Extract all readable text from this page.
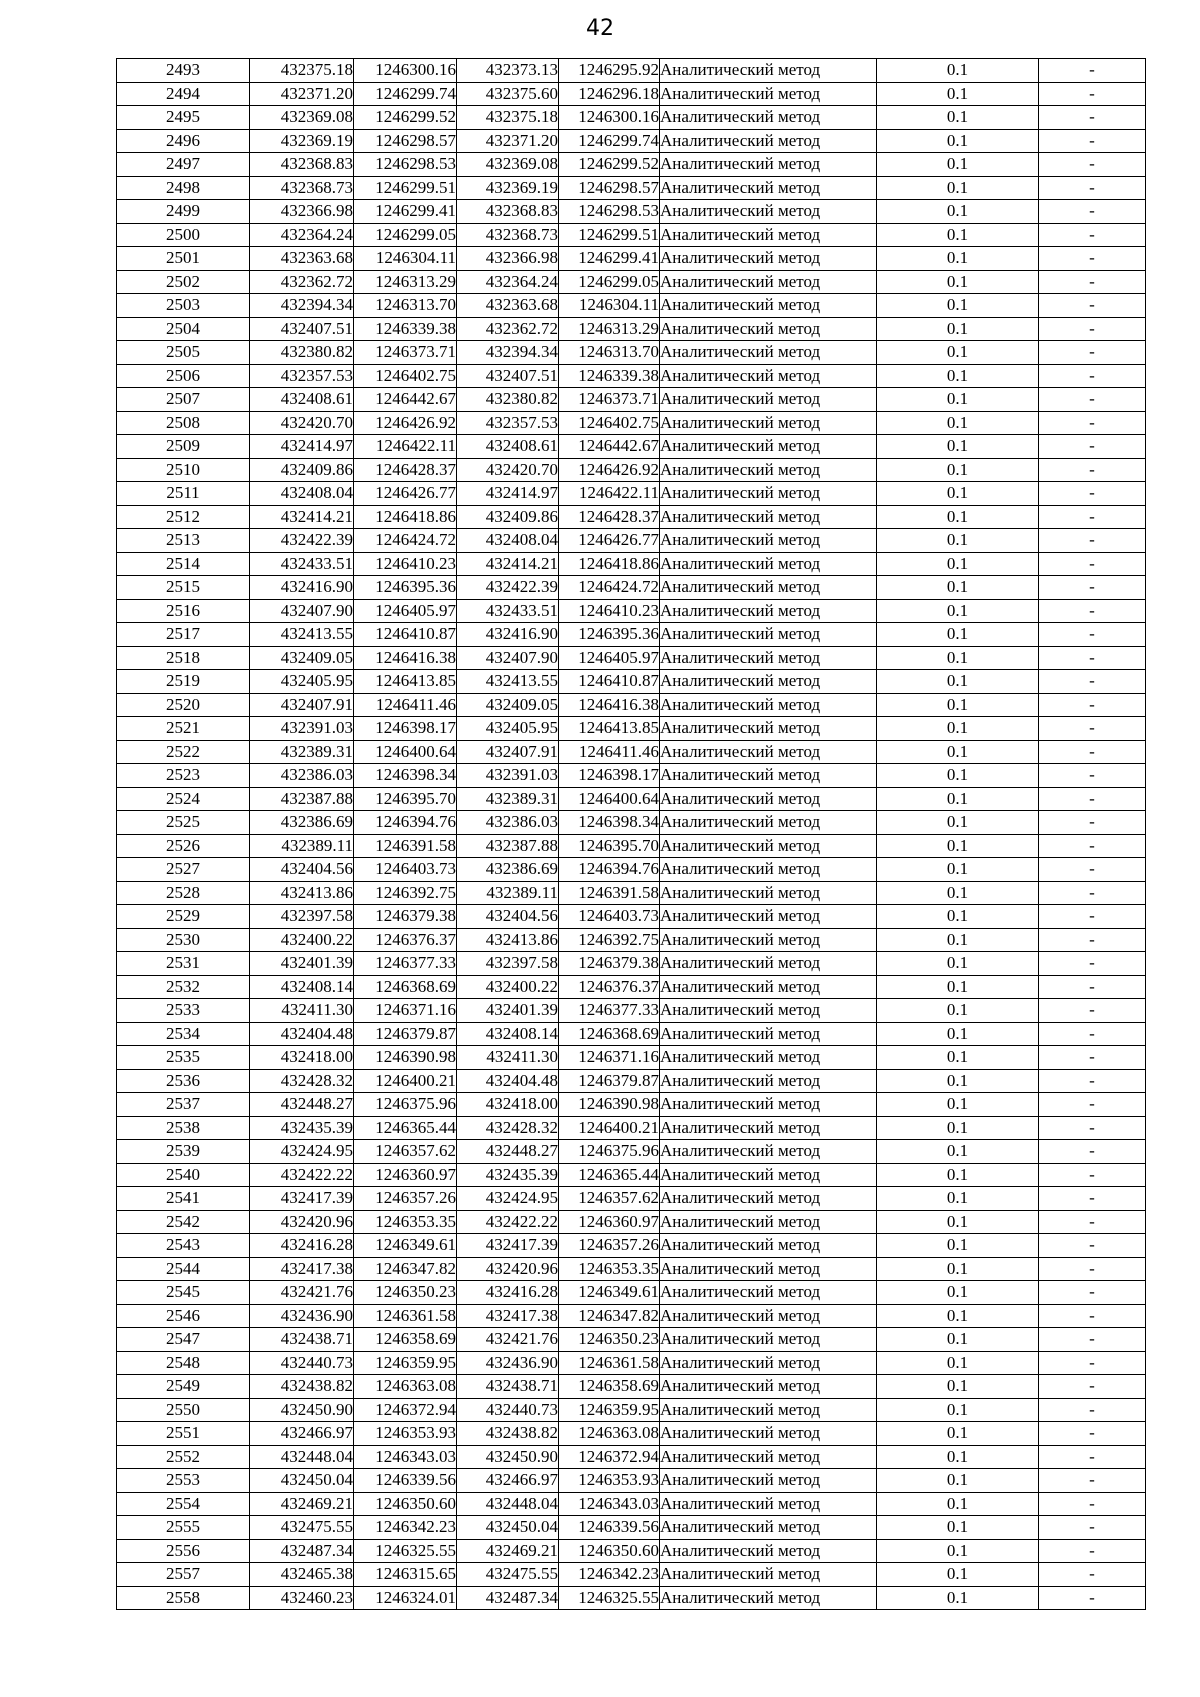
42
2493	432375.18	1246300.16	432373.13	1246295.92	Аналитический метод	0.1	-
2494	432371.20	1246299.74	432375.60	1246296.18	Аналитический метод	0.1	-
2495	432369.08	1246299.52	432375.18	1246300.16	Аналитический метод	0.1	-
2496	432369.19	1246298.57	432371.20	1246299.74	Аналитический метод	0.1	-
2497	432368.83	1246298.53	432369.08	1246299.52	Аналитический метод	0.1	-
2498	432368.73	1246299.51	432369.19	1246298.57	Аналитический метод	0.1	-
2499	432366.98	1246299.41	432368.83	1246298.53	Аналитический метод	0.1	-
2500	432364.24	1246299.05	432368.73	1246299.51	Аналитический метод	0.1	-
2501	432363.68	1246304.11	432366.98	1246299.41	Аналитический метод	0.1	-
2502	432362.72	1246313.29	432364.24	1246299.05	Аналитический метод	0.1	-
2503	432394.34	1246313.70	432363.68	1246304.11	Аналитический метод	0.1	-
2504	432407.51	1246339.38	432362.72	1246313.29	Аналитический метод	0.1	-
2505	432380.82	1246373.71	432394.34	1246313.70	Аналитический метод	0.1	-
2506	432357.53	1246402.75	432407.51	1246339.38	Аналитический метод	0.1	-
2507	432408.61	1246442.67	432380.82	1246373.71	Аналитический метод	0.1	-
2508	432420.70	1246426.92	432357.53	1246402.75	Аналитический метод	0.1	-
2509	432414.97	1246422.11	432408.61	1246442.67	Аналитический метод	0.1	-
2510	432409.86	1246428.37	432420.70	1246426.92	Аналитический метод	0.1	-
2511	432408.04	1246426.77	432414.97	1246422.11	Аналитический метод	0.1	-
2512	432414.21	1246418.86	432409.86	1246428.37	Аналитический метод	0.1	-
2513	432422.39	1246424.72	432408.04	1246426.77	Аналитический метод	0.1	-
2514	432433.51	1246410.23	432414.21	1246418.86	Аналитический метод	0.1	-
2515	432416.90	1246395.36	432422.39	1246424.72	Аналитический метод	0.1	-
2516	432407.90	1246405.97	432433.51	1246410.23	Аналитический метод	0.1	-
2517	432413.55	1246410.87	432416.90	1246395.36	Аналитический метод	0.1	-
2518	432409.05	1246416.38	432407.90	1246405.97	Аналитический метод	0.1	-
2519	432405.95	1246413.85	432413.55	1246410.87	Аналитический метод	0.1	-
2520	432407.91	1246411.46	432409.05	1246416.38	Аналитический метод	0.1	-
2521	432391.03	1246398.17	432405.95	1246413.85	Аналитический метод	0.1	-
2522	432389.31	1246400.64	432407.91	1246411.46	Аналитический метод	0.1	-
2523	432386.03	1246398.34	432391.03	1246398.17	Аналитический метод	0.1	-
2524	432387.88	1246395.70	432389.31	1246400.64	Аналитический метод	0.1	-
2525	432386.69	1246394.76	432386.03	1246398.34	Аналитический метод	0.1	-
2526	432389.11	1246391.58	432387.88	1246395.70	Аналитический метод	0.1	-
2527	432404.56	1246403.73	432386.69	1246394.76	Аналитический метод	0.1	-
2528	432413.86	1246392.75	432389.11	1246391.58	Аналитический метод	0.1	-
2529	432397.58	1246379.38	432404.56	1246403.73	Аналитический метод	0.1	-
2530	432400.22	1246376.37	432413.86	1246392.75	Аналитический метод	0.1	-
2531	432401.39	1246377.33	432397.58	1246379.38	Аналитический метод	0.1	-
2532	432408.14	1246368.69	432400.22	1246376.37	Аналитический метод	0.1	-
2533	432411.30	1246371.16	432401.39	1246377.33	Аналитический метод	0.1	-
2534	432404.48	1246379.87	432408.14	1246368.69	Аналитический метод	0.1	-
2535	432418.00	1246390.98	432411.30	1246371.16	Аналитический метод	0.1	-
2536	432428.32	1246400.21	432404.48	1246379.87	Аналитический метод	0.1	-
2537	432448.27	1246375.96	432418.00	1246390.98	Аналитический метод	0.1	-
2538	432435.39	1246365.44	432428.32	1246400.21	Аналитический метод	0.1	-
2539	432424.95	1246357.62	432448.27	1246375.96	Аналитический метод	0.1	-
2540	432422.22	1246360.97	432435.39	1246365.44	Аналитический метод	0.1	-
2541	432417.39	1246357.26	432424.95	1246357.62	Аналитический метод	0.1	-
2542	432420.96	1246353.35	432422.22	1246360.97	Аналитический метод	0.1	-
2543	432416.28	1246349.61	432417.39	1246357.26	Аналитический метод	0.1	-
2544	432417.38	1246347.82	432420.96	1246353.35	Аналитический метод	0.1	-
2545	432421.76	1246350.23	432416.28	1246349.61	Аналитический метод	0.1	-
2546	432436.90	1246361.58	432417.38	1246347.82	Аналитический метод	0.1	-
2547	432438.71	1246358.69	432421.76	1246350.23	Аналитический метод	0.1	-
2548	432440.73	1246359.95	432436.90	1246361.58	Аналитический метод	0.1	-
2549	432438.82	1246363.08	432438.71	1246358.69	Аналитический метод	0.1	-
2550	432450.90	1246372.94	432440.73	1246359.95	Аналитический метод	0.1	-
2551	432466.97	1246353.93	432438.82	1246363.08	Аналитический метод	0.1	-
2552	432448.04	1246343.03	432450.90	1246372.94	Аналитический метод	0.1	-
2553	432450.04	1246339.56	432466.97	1246353.93	Аналитический метод	0.1	-
2554	432469.21	1246350.60	432448.04	1246343.03	Аналитический метод	0.1	-
2555	432475.55	1246342.23	432450.04	1246339.56	Аналитический метод	0.1	-
2556	432487.34	1246325.55	432469.21	1246350.60	Аналитический метод	0.1	-
2557	432465.38	1246315.65	432475.55	1246342.23	Аналитический метод	0.1	-
2558	432460.23	1246324.01	432487.34	1246325.55	Аналитический метод	0.1	-
